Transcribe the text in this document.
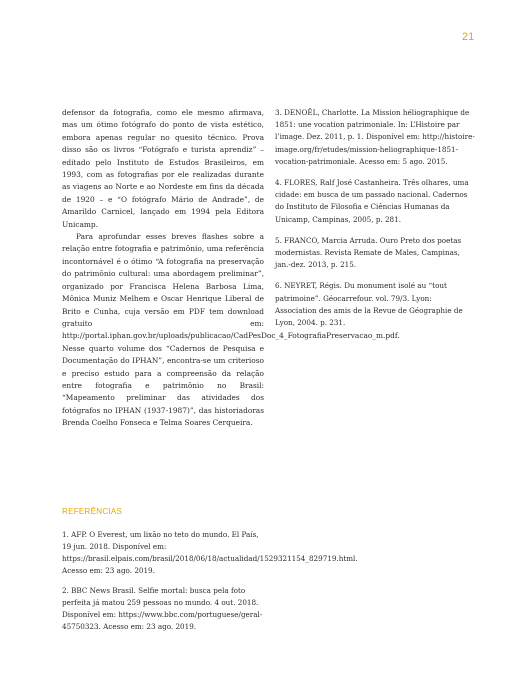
21

defensor da fotografia, como ele mesmo afirmava, mas um ótimo fotógrafo do ponto de vista estético, embora apenas regular no quesito técnico. Prova disso são os livros “Fotógrafo e turista aprendiz” – editado pelo Instituto de Estudos Brasileiros, em 1993, com as fotografias por ele realizadas durante as viagens ao Norte e ao Nordeste em fins da década de 1920 – e “O fotógrafo Mário de Andrade”, de Amarildo Carnicel, lançado em 1994 pela Editora Unicamp.

Para aprofundar esses breves flashes sobre a relação entre fotografia e patrimônio, uma referência incontornável é o ótimo “A fotografia na preservação do patrimônio cultural: uma abordagem preliminar”, organizado por Francisca Helena Barbosa Lima, Mônica Muniz Melhem e Oscar Henrique Liberal de Brito e Cunha, cuja versão em PDF tem download gratuito em: http://portal.iphan.gov.br/uploads/publicacao/CadPesDoc_4_FotografiaPreservacao_m.pdf. Nesse quarto volume dos “Cadernos de Pesquisa e Documentação do IPHAN”, encontra-se um criterioso e preciso estudo para a compreensão da relação entre fotografia e patrimônio no Brasil: “Mapeamento preliminar das atividades dos fotógrafos no IPHAN (1937-1987)”, das historiadoras Brenda Coelho Fonseca e Telma Soares Cerqueira.

REFERÊNCIAS

1. AFP. O Everest, um lixão no teto do mundo. El País, 19 jun. 2018. Disponível em: https://brasil.elpais.com/brasil/2018/06/18/actualidad/1529321154_829719.html. Acesso em: 23 ago. 2019.

2. BBC News Brasil. Selfie mortal: busca pela foto perfeita já matou 259 pessoas no mundo. 4 out. 2018. Disponível em: https://www.bbc.com/portuguese/geral-45750323. Acesso em: 23 ago. 2019.

3. DENOËL, Charlotte. La Mission héliographique de 1851: une vocation patrimoniale. In: L’Histoire par l’image. Dez. 2011, p. 1. Disponível em: http://histoire-image.org/fr/etudes/mission-heliographique-1851-vocation-patrimoniale. Acesso em: 5 ago. 2015.

4. FLORES, Ralf José Castanheira. Três olhares, uma cidade: em busca de um passado nacional. Cadernos do Instituto de Filosofia e Ciências Humanas da Unicamp, Campinas, 2005, p. 281.

5. FRANCO, Marcia Arruda. Ouro Preto dos poetas modernistas. Revista Remate de Males, Campinas, jan.-dez. 2013, p. 215.

6. NEYRET, Régis. Du monument isolé au “tout patrimoine”. Géocarrefour. vol. 79/3. Lyon: Association des amis de la Revue de Géographie de Lyon, 2004. p. 231.
